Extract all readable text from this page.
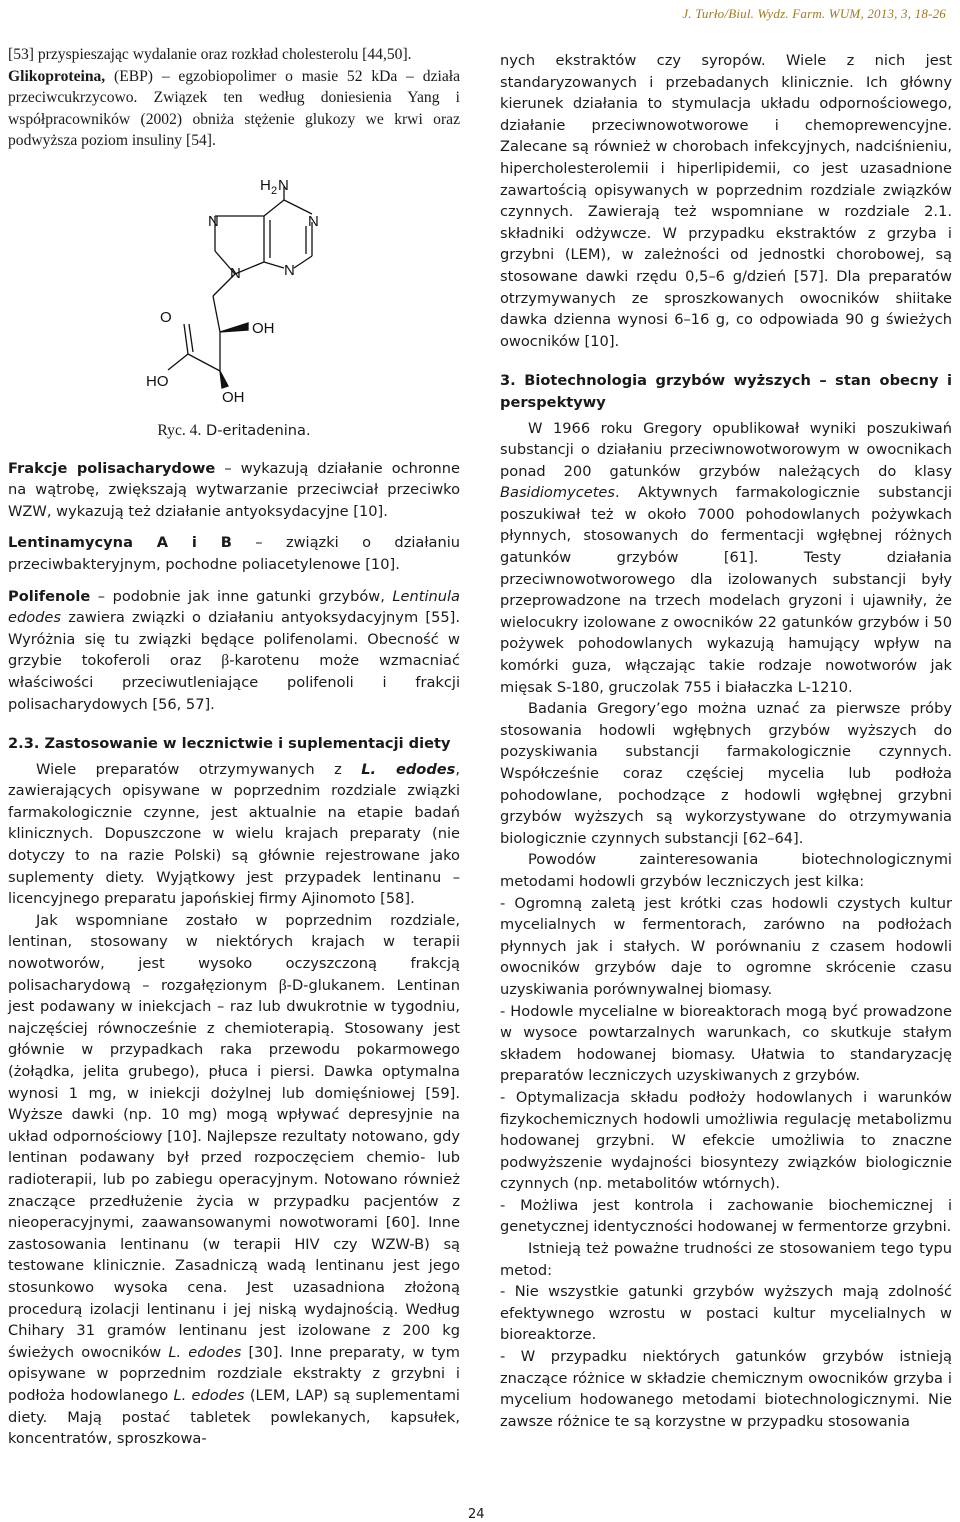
J. Turło/Biul. Wydz. Farm. WUM, 2013, 3, 18-26

[53] przyspieszając wydalanie oraz rozkład cholesterolu [44,50].

Glikoproteina, (EBP) – egzobiopolimer o masie 52 kDa – działa przeciwcukrzycowo. Związek ten według doniesienia Yang i współpracowników (2002) obniża stężenie glukozy we krwi oraz podwyższa poziom insuliny [54].

H 2 N
N
N
N
N
O
OH
HO
OH

Ryc. 4. D-eritadenina.

Frakcje polisacharydowe – wykazują działanie ochronne na wątrobę, zwiększają wytwarzanie przeciwciał przeciwko WZW, wykazują też działanie antyoksydacyjne [10].

Lentinamycyna A i B – związki o działaniu przeciwbakteryjnym, pochodne poliacetylenowe [10].

Polifenole – podobnie jak inne gatunki grzybów, Lentinula edodes zawiera związki o działaniu antyoksydacyjnym [55]. Wyróżnia się tu związki będące polifenolami. Obecność w grzybie tokoferoli oraz β-karotenu może wzmacniać właściwości przeciwutleniające polifenoli i frakcji polisacharydowych [56, 57].

2.3. Zastosowanie w lecznictwie i suplementacji diety

Wiele preparatów otrzymywanych z L. edodes, zawierających opisywane w poprzednim rozdziale związki farmakologicznie czynne, jest aktualnie na etapie badań klinicznych. Dopuszczone w wielu krajach preparaty (nie dotyczy to na razie Polski) są głównie rejestrowane jako suplementy diety. Wyjątkowy jest przypadek lentinanu – licencyjnego preparatu japońskiej firmy Ajinomoto [58].

Jak wspomniane zostało w poprzednim rozdziale, lentinan, stosowany w niektórych krajach w terapii nowotworów, jest wysoko oczyszczoną frakcją polisacharydową – rozgałęzionym β-D-glukanem. Lentinan jest podawany w iniekcjach – raz lub dwukrotnie w tygodniu, najczęściej równocześnie z chemioterapią. Stosowany jest głównie w przypadkach raka przewodu pokarmowego (żołądka, jelita grubego), płuca i piersi. Dawka optymalna wynosi 1 mg, w iniekcji dożylnej lub domięśniowej [59]. Wyższe dawki (np. 10 mg) mogą wpływać depresyjnie na układ odpornościowy [10]. Najlepsze rezultaty notowano, gdy lentinan podawany był przed rozpoczęciem chemio- lub radioterapii, lub po zabiegu operacyjnym. Notowano również znaczące przedłużenie życia w przypadku pacjentów z nieoperacyjnymi, zaawansowanymi nowotworami [60]. Inne zastosowania lentinanu (w terapii HIV czy WZW-B) są testowane klinicznie. Zasadniczą wadą lentinanu jest jego stosunkowo wysoka cena. Jest uzasadniona złożoną procedurą izolacji lentinanu i jej niską wydajnością. Według Chihary 31 gramów lentinanu jest izolowane z 200 kg świeżych owocników L. edodes [30]. Inne preparaty, w tym opisywane w poprzednim rozdziale ekstrakty z grzybni i podłoża hodowlanego L. edodes (LEM, LAP) są suplementami diety. Mają postać tabletek powlekanych, kapsułek, koncentratów, sproszkowa-

nych ekstraktów czy syropów. Wiele z nich jest standaryzowanych i przebadanych klinicznie. Ich główny kierunek działania to stymulacja układu odpornościowego, działanie przeciwnowotworowe i chemoprewencyjne. Zalecane są również w chorobach infekcyjnych, nadciśnieniu, hipercholesterolemii i hiperlipidemii, co jest uzasadnione zawartością opisywanych w poprzednim rozdziale związków czynnych. Zawierają też wspomniane w rozdziale 2.1. składniki odżywcze. W przypadku ekstraktów z grzyba i grzybni (LEM), w zależności od jednostki chorobowej, są stosowane dawki rzędu 0,5–6 g/dzień [57]. Dla preparatów otrzymywanych ze sproszkowanych owocników shiitake dawka dzienna wynosi 6–16 g, co odpowiada 90 g świeżych owocników [10].

3. Biotechnologia grzybów wyższych – stan obecny i perspektywy

W 1966 roku Gregory opublikował wyniki poszukiwań substancji o działaniu przeciwnowotworowym w owocnikach ponad 200 gatunków grzybów należących do klasy Basidiomycetes. Aktywnych farmakologicznie substancji poszukiwał też w około 7000 pohodowlanych pożywkach płynnych, stosowanych do fermentacji wgłębnej różnych gatunków grzybów [61]. Testy działania przeciwnowotworowego dla izolowanych substancji były przeprowadzone na trzech modelach gryzoni i ujawniły, że wielocukry izolowane z owocników 22 gatunków grzybów i 50 pożywek pohodowlanych wykazują hamujący wpływ na komórki guza, włączając takie rodzaje nowotworów jak mięsak S-180, gruczolak 755 i białaczka L-1210.

Badania Gregory’ego można uznać za pierwsze próby stosowania hodowli wgłębnych grzybów wyższych do pozyskiwania substancji farmakologicznie czynnych. Współcześnie coraz częściej mycelia lub podłoża pohodowlane, pochodzące z hodowli wgłębnej grzybni grzybów wyższych są wykorzystywane do otrzymywania biologicznie czynnych substancji [62–64].

Powodów zainteresowania biotechnologicznymi metodami hodowli grzybów leczniczych jest kilka:

- Ogromną zaletą jest krótki czas hodowli czystych kultur mycelialnych w fermentorach, zarówno na podłożach płynnych jak i stałych. W porównaniu z czasem hodowli owocników grzybów daje to ogromne skrócenie czasu uzyskiwania porównywalnej biomasy.

- Hodowle mycelialne w bioreaktorach mogą być prowadzone w wysoce powtarzalnych warunkach, co skutkuje stałym składem hodowanej biomasy. Ułatwia to standaryzację preparatów leczniczych uzyskiwanych z grzybów.

- Optymalizacja składu podłoży hodowlanych i warunków fizykochemicznych hodowli umożliwia regulację metabolizmu hodowanej grzybni. W efekcie umożliwia to znaczne podwyższenie wydajności biosyntezy związków biologicznie czynnych (np. metabolitów wtórnych).

- Możliwa jest kontrola i zachowanie biochemicznej i genetycznej identyczności hodowanej w fermentorze grzybni.

Istnieją też poważne trudności ze stosowaniem tego typu metod:

- Nie wszystkie gatunki grzybów wyższych mają zdolność efektywnego wzrostu w postaci kultur mycelialnych w bioreaktorze.

- W przypadku niektórych gatunków grzybów istnieją znaczące różnice w składzie chemicznym owocników grzyba i mycelium hodowanego metodami biotechnologicznymi. Nie zawsze różnice te są korzystne w przypadku stosowania

24
